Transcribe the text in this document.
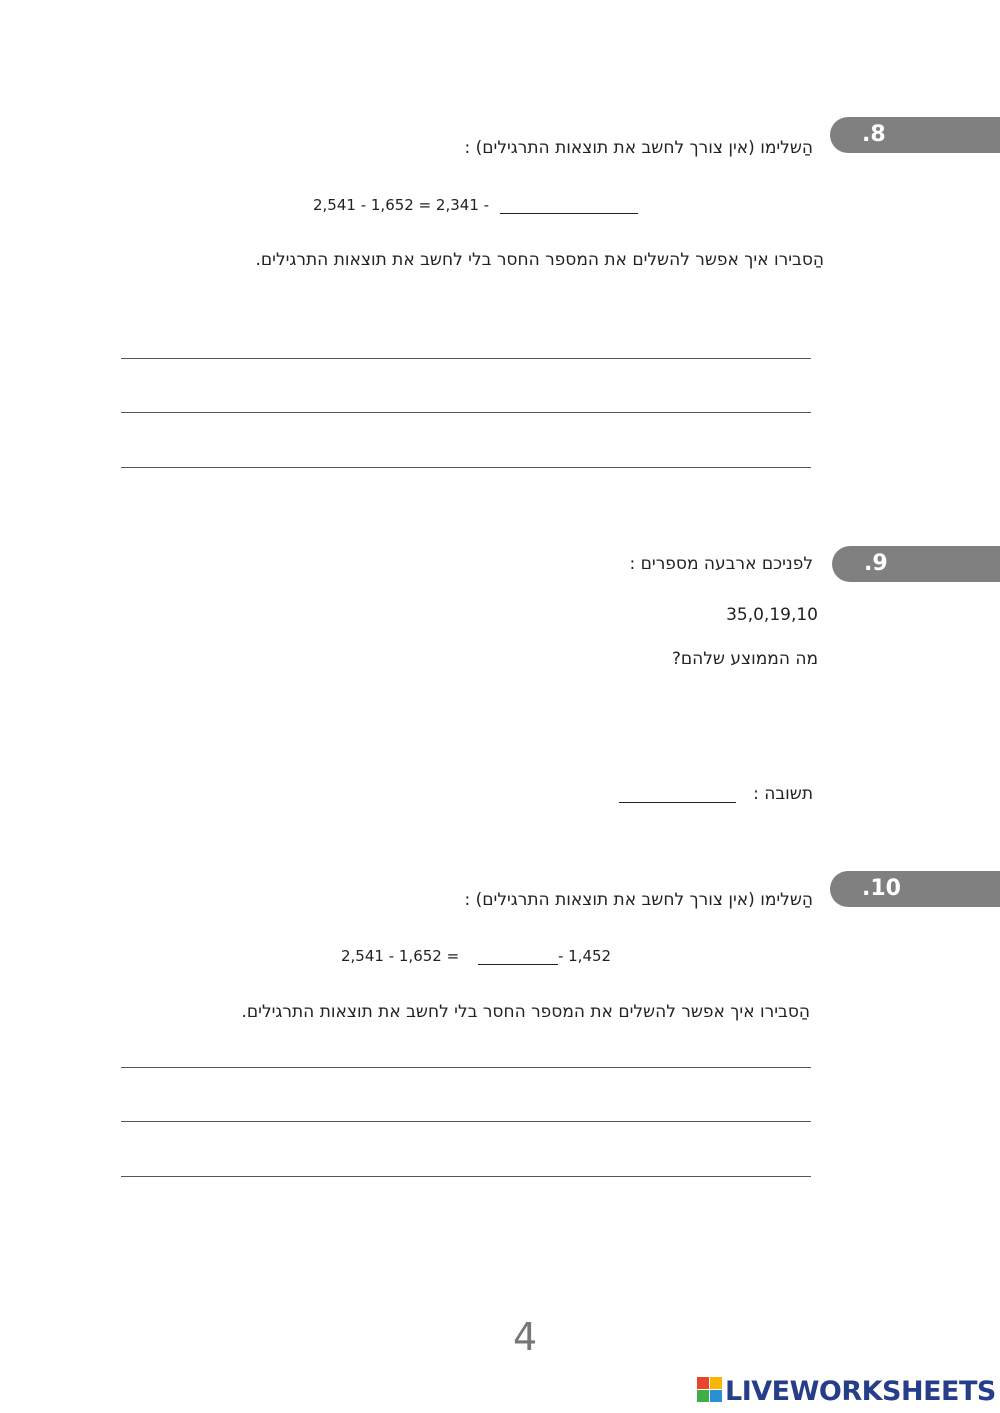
.8
הַשלימו (אין צורך לחשב את תוצאות התרגילים) :
2,541 - 1,652 = 2,341 -
הַסבירו איך אפשר להשלים את המספר החסר בלי לחשב את תוצאות התרגילים.
.9
לפניכם ארבעה מספרים :
35,0,19,10
מה הממוצע שלהם?
תשובה :
.10
הַשלימו (אין צורך לחשב את תוצאות התרגילים) :
2,541 - 1,652 =	- 1,452
הַסבירו איך אפשר להשלים את המספר החסר בלי לחשב את תוצאות התרגילים.
4
LIVEWORKSHEETS
